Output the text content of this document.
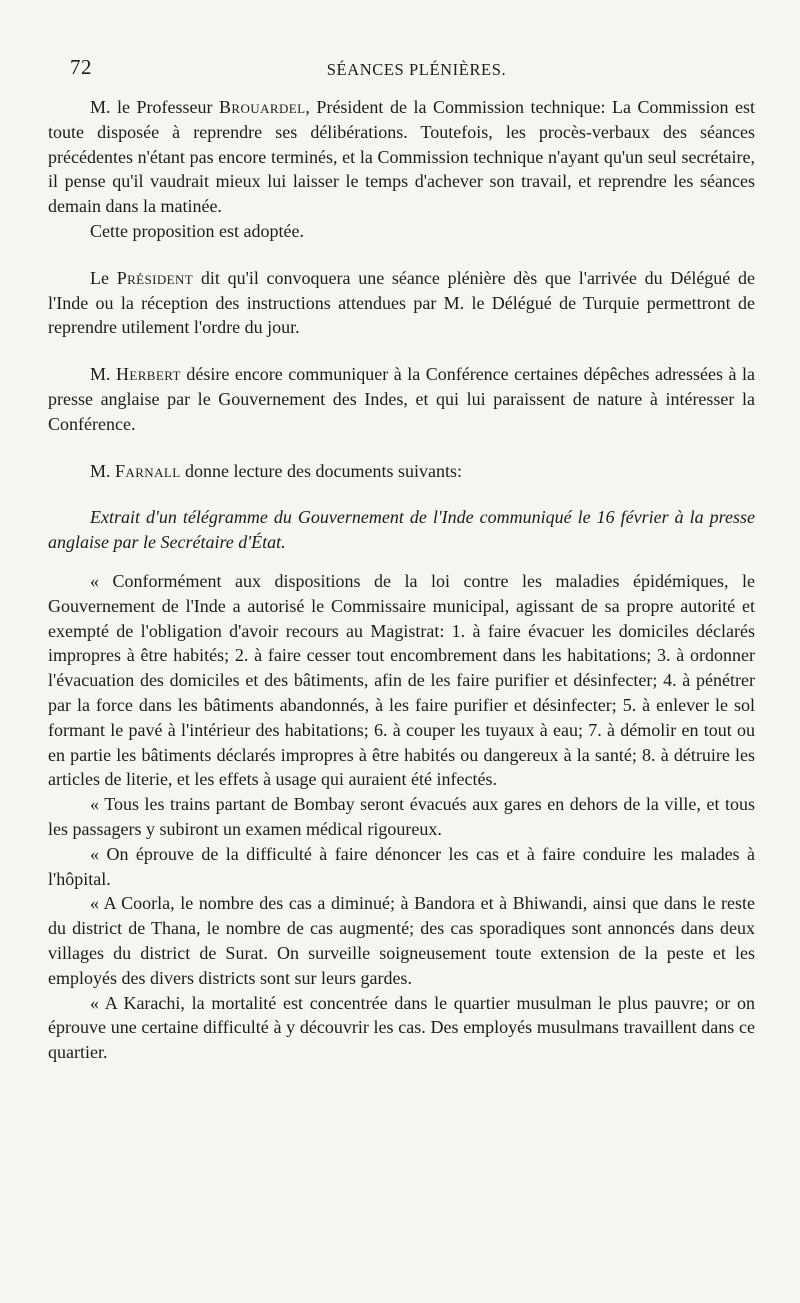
72	SÉANCES PLÉNIÈRES.

M. le Professeur Brouardel, Président de la Commission technique: La Commission est toute disposée à reprendre ses délibérations. Toutefois, les procès-verbaux des séances précédentes n'étant pas encore terminés, et la Commission technique n'ayant qu'un seul secrétaire, il pense qu'il vaudrait mieux lui laisser le temps d'achever son travail, et reprendre les séances demain dans la matinée.

Cette proposition est adoptée.

Le Président dit qu'il convoquera une séance plénière dès que l'arrivée du Délégué de l'Inde ou la réception des instructions attendues par M. le Délégué de Turquie permettront de reprendre utilement l'ordre du jour.

M. Herbert désire encore communiquer à la Conférence certaines dépêches adressées à la presse anglaise par le Gouvernement des Indes, et qui lui paraissent de nature à intéresser la Conférence.

M. Farnall donne lecture des documents suivants:

Extrait d'un télégramme du Gouvernement de l'Inde communiqué le 16 février à la presse anglaise par le Secrétaire d'État.

« Conformément aux dispositions de la loi contre les maladies épidémiques, le Gouvernement de l'Inde a autorisé le Commissaire municipal, agissant de sa propre autorité et exempté de l'obligation d'avoir recours au Magistrat: 1. à faire évacuer les domiciles déclarés impropres à être habités; 2. à faire cesser tout encombrement dans les habitations; 3. à ordonner l'évacuation des domiciles et des bâtiments, afin de les faire purifier et désinfecter; 4. à pénétrer par la force dans les bâtiments abandonnés, à les faire purifier et désinfecter; 5. à enlever le sol formant le pavé à l'intérieur des habitations; 6. à couper les tuyaux à eau; 7. à démolir en tout ou en partie les bâtiments déclarés impropres à être habités ou dangereux à la santé; 8. à détruire les articles de literie, et les effets à usage qui auraient été infectés.

« Tous les trains partant de Bombay seront évacués aux gares en dehors de la ville, et tous les passagers y subiront un examen médical rigoureux.

« On éprouve de la difficulté à faire dénoncer les cas et à faire conduire les malades à l'hôpital.

« A Coorla, le nombre des cas a diminué; à Bandora et à Bhiwandi, ainsi que dans le reste du district de Thana, le nombre de cas augmenté; des cas sporadiques sont annoncés dans deux villages du district de Surat. On surveille soigneusement toute extension de la peste et les employés des divers districts sont sur leurs gardes.

« A Karachi, la mortalité est concentrée dans le quartier musulman le plus pauvre; or on éprouve une certaine difficulté à y découvrir les cas. Des employés musulmans travaillent dans ce quartier.
